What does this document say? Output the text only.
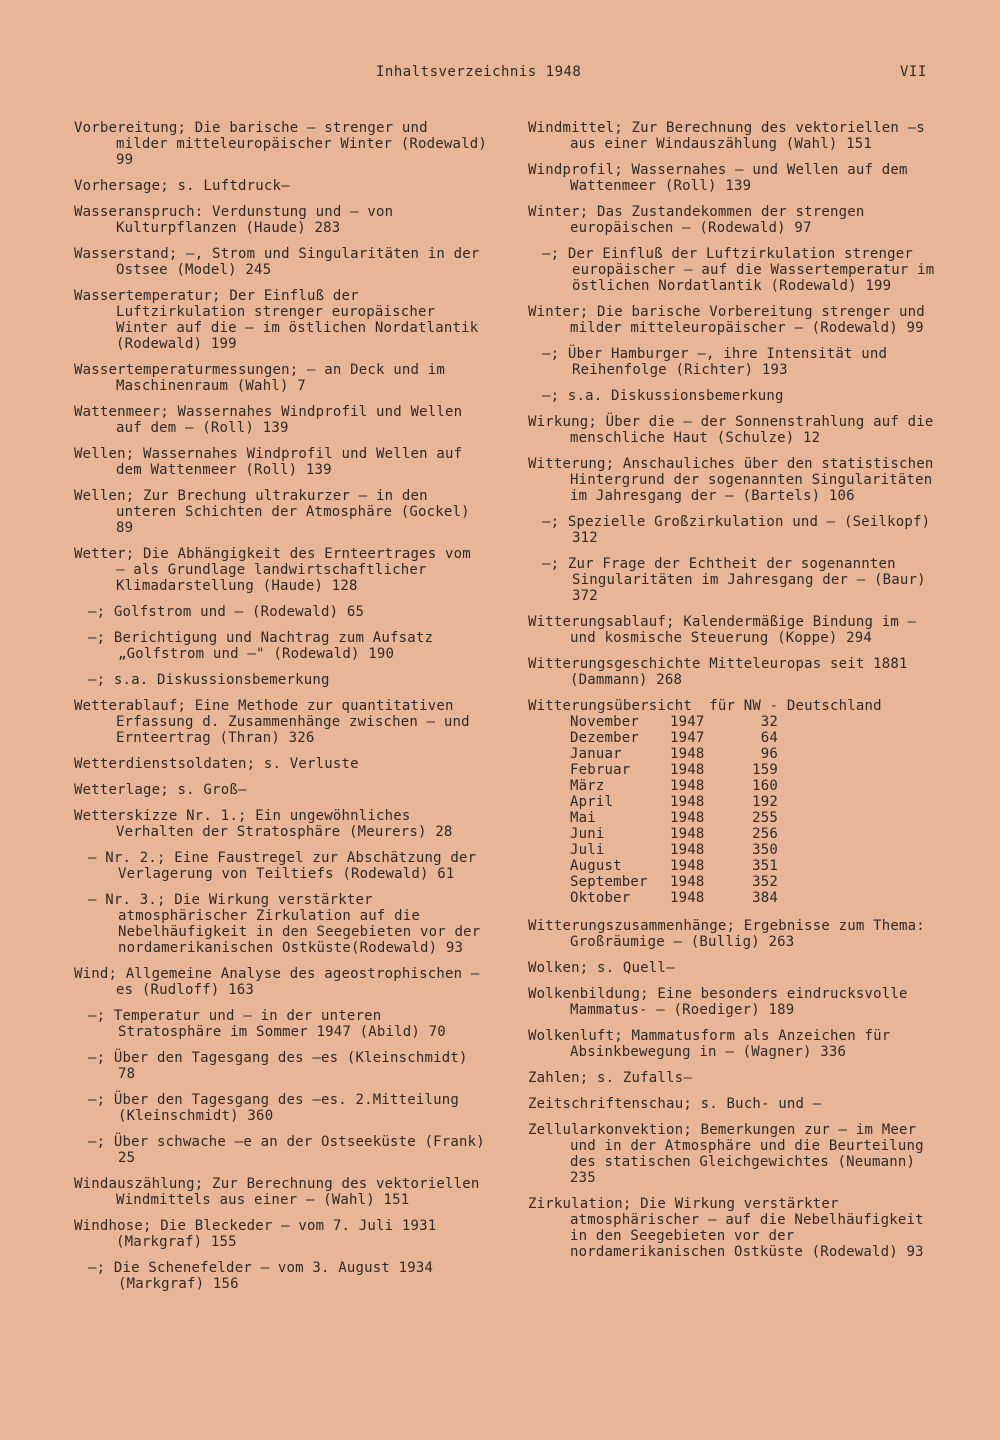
Inhaltsverzeichnis 1948	VII
Vorbereitung; Die barische — strenger und milder mitteleuropäischer Winter (Rodewald) 99
Vorhersage; s. Luftdruck—
Wasseranspruch: Verdunstung und — von Kulturpflanzen (Haude) 283
Wasserstand; —, Strom und Singularitäten in der Ostsee (Model) 245
Wassertemperatur; Der Einfluß der Luftzirkulation strenger europäischer Winter auf die — im östlichen Nordatlantik (Rodewald) 199
Wassertemperaturmessungen; — an Deck und im Maschinenraum (Wahl) 7
Wattenmeer; Wassernahes Windprofil und Wellen auf dem — (Roll) 139
Wellen; Wassernahes Windprofil und Wellen auf dem Wattenmeer (Roll) 139
Wellen; Zur Brechung ultrakurzer — in den unteren Schichten der Atmosphäre (Gockel) 89
Wetter; Die Abhängigkeit des Ernteertrages vom — als Grundlage landwirtschaftlicher Klimadarstellung (Haude) 128
—; Golfstrom und — (Rodewald) 65
—; Berichtigung und Nachtrag zum Aufsatz „Golfstrom und —" (Rodewald) 190
—; s.a. Diskussionsbemerkung
Wetterablauf; Eine Methode zur quantitativen Erfassung d. Zusammenhänge zwischen — und Ernteertrag (Thran) 326
Wetterdienstsoldaten; s. Verluste
Wetterlage; s. Groß—
Wetterskizze Nr. 1.; Ein ungewöhnliches Verhalten der Stratosphäre (Meurers) 28
— Nr. 2.; Eine Faustregel zur Abschätzung der Verlagerung von Teiltiefs (Rodewald) 61
— Nr. 3.; Die Wirkung verstärkter atmosphärischer Zirkulation auf die Nebelhäufigkeit in den Seegebieten vor der nordamerikanischen Ostküste(Rodewald) 93
Wind; Allgemeine Analyse des ageostrophischen —es (Rudloff) 163
—; Temperatur und — in der unteren Stratosphäre im Sommer 1947 (Abild) 70
—; Über den Tagesgang des —es (Kleinschmidt) 78
—; Über den Tagesgang des —es. 2.Mitteilung (Kleinschmidt) 360
—; Über schwache —e an der Ostseeküste (Frank) 25
Windauszählung; Zur Berechnung des vektoriellen Windmittels aus einer — (Wahl) 151
Windhose; Die Bleckeder — vom 7. Juli 1931 (Markgraf) 155
—; Die Schenefelder — vom 3. August 1934 (Markgraf) 156
Windmittel; Zur Berechnung des vektoriellen —s aus einer Windauszählung (Wahl) 151
Windprofil; Wassernahes — und Wellen auf dem Wattenmeer (Roll) 139
Winter; Das Zustandekommen der strengen europäischen — (Rodewald) 97
—; Der Einfluß der Luftzirkulation strenger europäischer — auf die Wassertemperatur im östlichen Nordatlantik (Rodewald) 199
Winter; Die barische Vorbereitung strenger und milder mitteleuropäischer — (Rodewald) 99
—; Über Hamburger —, ihre Intensität und Reihenfolge (Richter) 193
—; s.a. Diskussionsbemerkung
Wirkung; Über die — der Sonnenstrahlung auf die menschliche Haut (Schulze) 12
Witterung; Anschauliches über den statistischen Hintergrund der sogenannten Singularitäten im Jahresgang der — (Bartels) 106
—; Spezielle Großzirkulation und — (Seilkopf) 312
—; Zur Frage der Echtheit der sogenannten Singularitäten im Jahresgang der — (Baur) 372
Witterungsablauf; Kalendermäßige Bindung im — und kosmische Steuerung (Koppe) 294
Witterungsgeschichte Mitteleuropas seit 1881 (Dammann) 268
Witterungsübersicht  für NW - Deutschland
November	1947	32
Dezember	1947	64
Januar	1948	96
Februar	1948	159
März	1948	160
April	1948	192
Mai	1948	255
Juni	1948	256
Juli	1948	350
August	1948	351
September	1948	352
Oktober	1948	384
Witterungszusammenhänge; Ergebnisse zum Thema: Großräumige — (Bullig) 263
Wolken; s. Quell—
Wolkenbildung; Eine besonders eindrucksvolle Mammatus- — (Roediger) 189
Wolkenluft; Mammatusform als Anzeichen für Absinkbewegung in — (Wagner) 336
Zahlen; s. Zufalls—
Zeitschriftenschau; s. Buch- und —
Zellularkonvektion; Bemerkungen zur — im Meer und in der Atmosphäre und die Beurteilung des statischen Gleichgewichtes (Neumann) 235
Zirkulation; Die Wirkung verstärkter atmosphärischer — auf die Nebelhäufigkeit in den Seegebieten vor der nordamerikanischen Ostküste (Rodewald) 93
